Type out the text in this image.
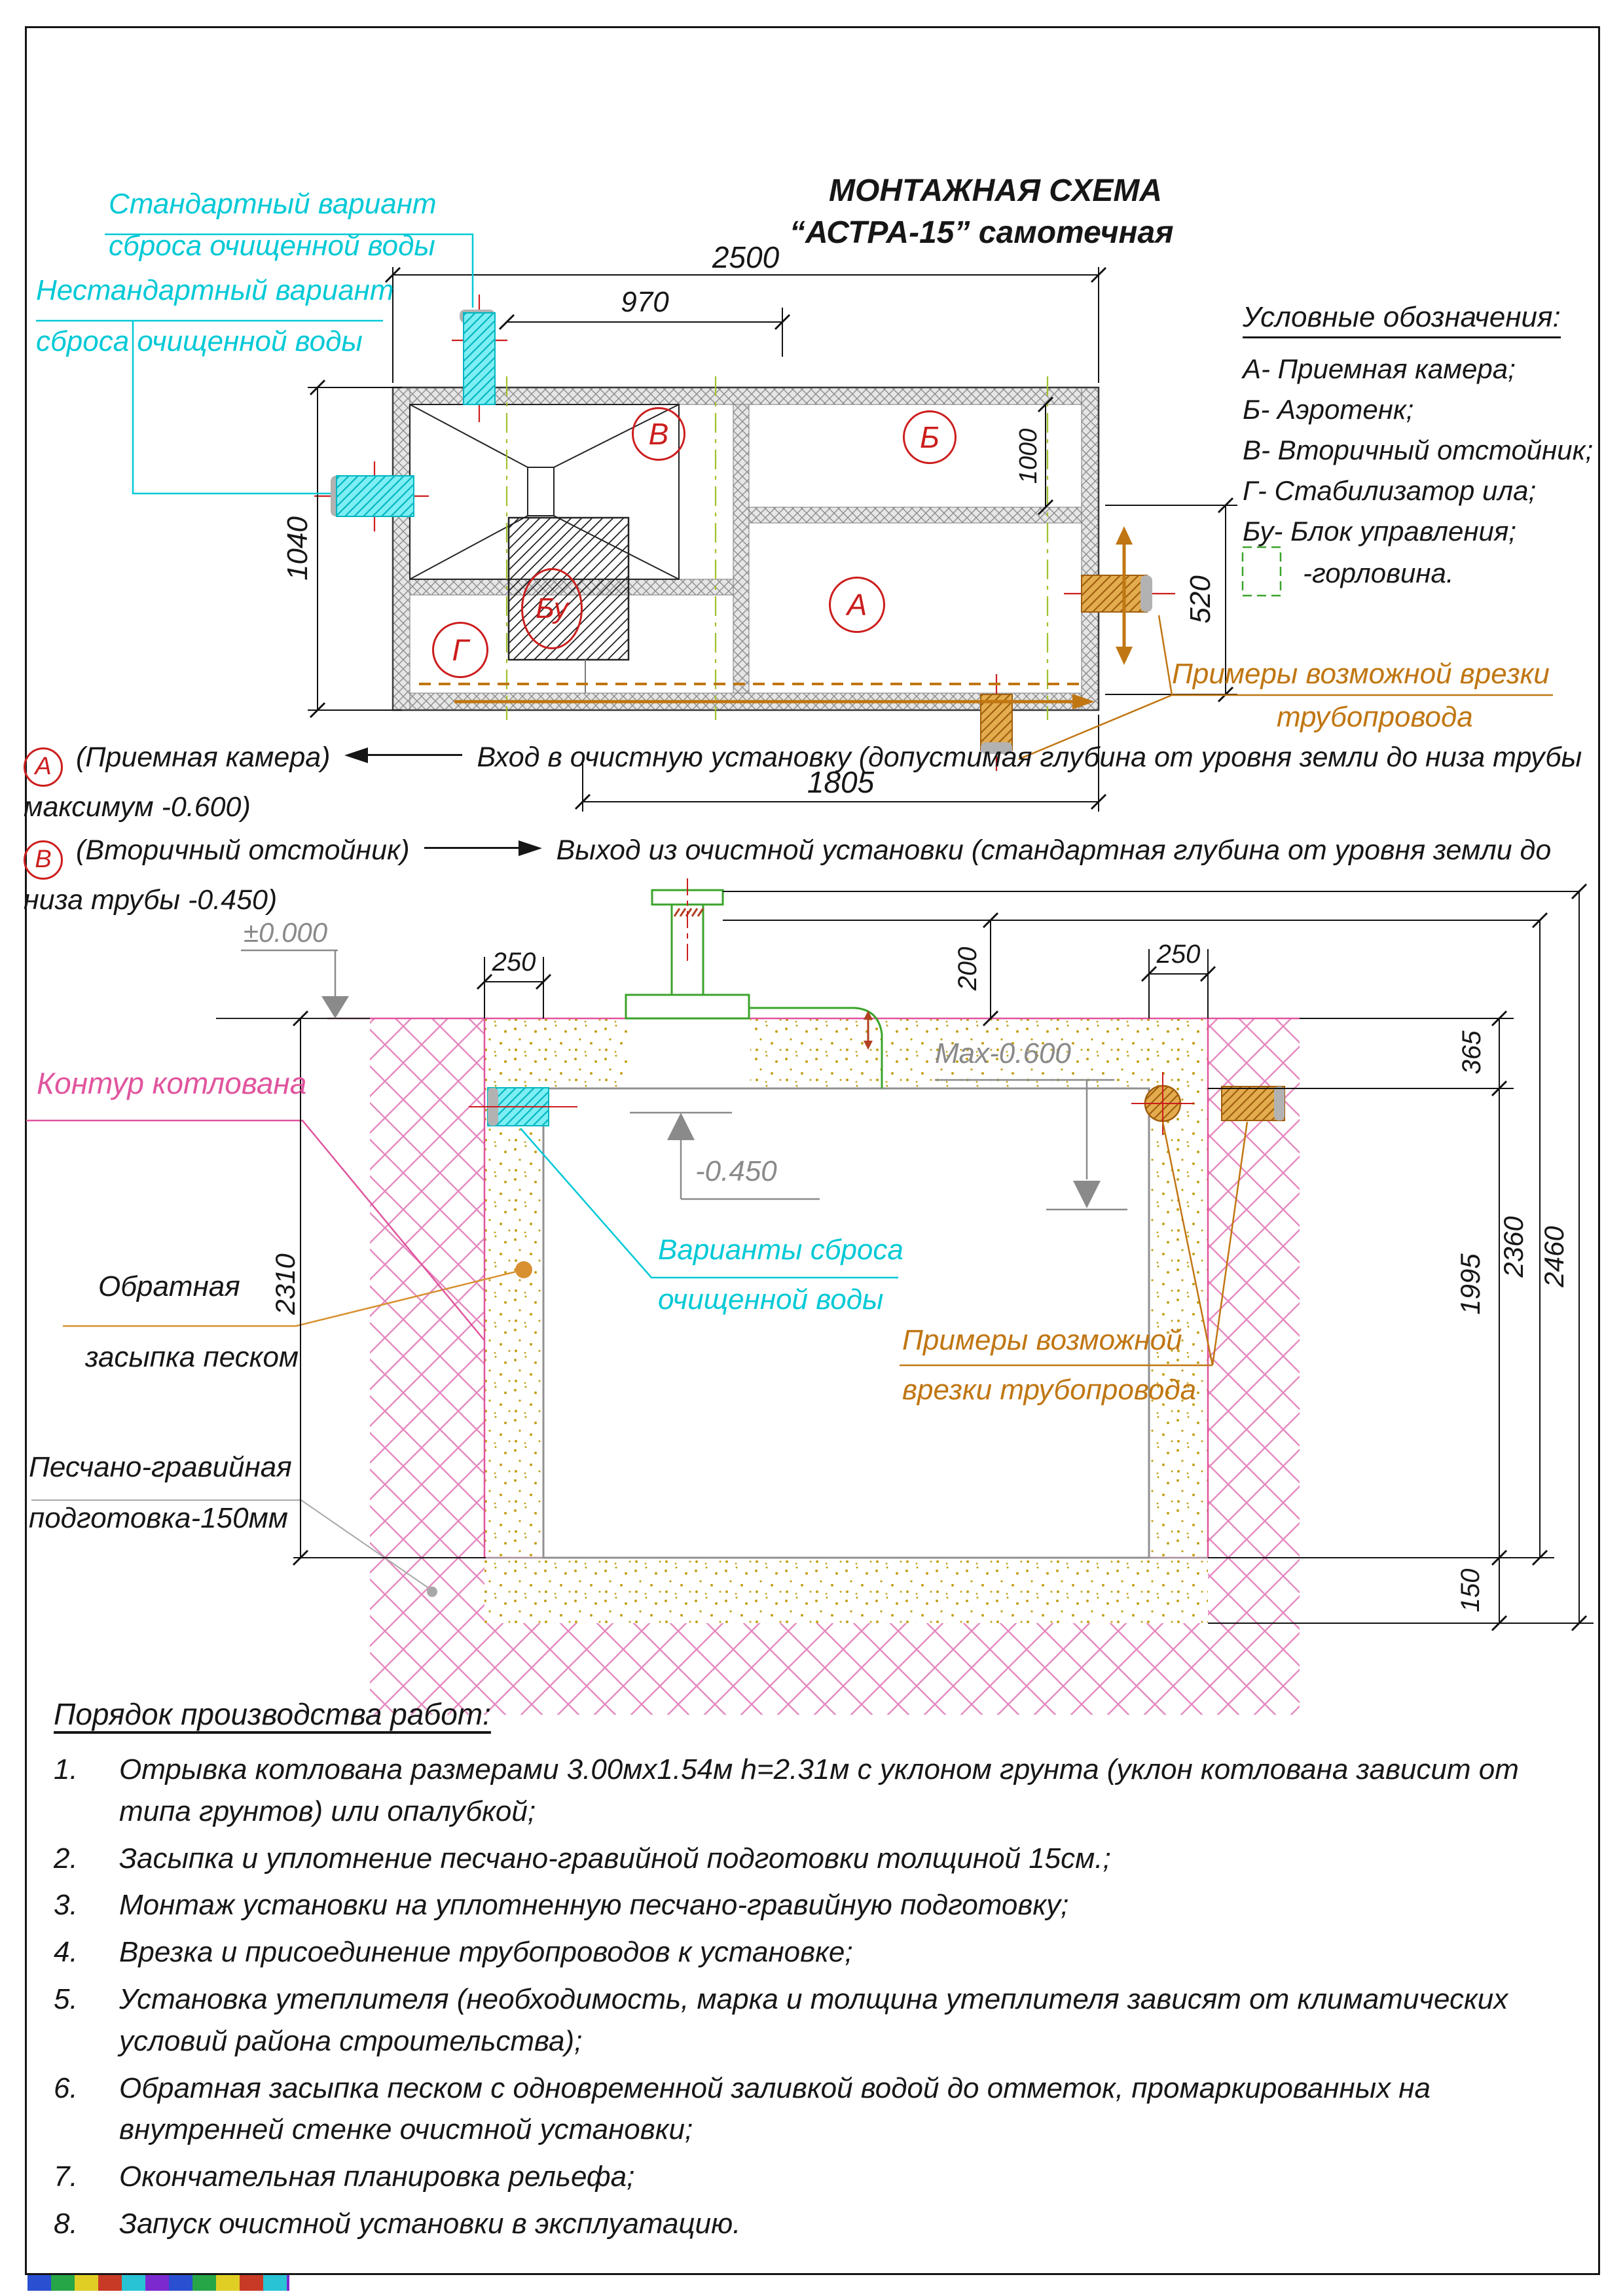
МОНТАЖНАЯ СХЕМА
“АСТРА-15” самотечная
Стандартный вариант
сброса очищенной воды
Нестандартный вариант
сброса очищенной воды
2500
970
1040
1000
520
1805
В	Б
А
Г
Бу
Условные обозначения:
А- Приемная камера;
Б- Аэротенк;
В- Вторичный отстойник;
Г- Стабилизатор ила;
Бу- Блок управления;
-горловина.
Примеры возможной врезки
трубопровода
А (Приемная камера)	Вход в очистную установку (допустимая глубина от уровня земли до низа трубы максимум -0.600)
В (Вторичный отстойник)	Выход из очистной установки (стандартная глубина от уровня земли до низа трубы -0.450)
±0.000
250	200	250
365
1995
2360 2460
150
2310
Контур котлована
Обратная
засыпка песком
-0.450
Варианты сброса
очищенной воды
Max-0.600
Примеры возможной
врезки трубопровода
Песчано-гравийная
подготовка-150мм
Порядок производства работ:
1.	Отрывка котлована размерами 3.00мх1.54м h=2.31м с уклоном грунта (уклон котлована зависит от типа грунтов) или опалубкой;
2.	Засыпка и уплотнение песчано-гравийной подготовки толщиной 15см.;
3.	Монтаж установки на уплотненную песчано-гравийную подготовку;
4.	Врезка и присоединение трубопроводов к установке;
5.	Установка утеплителя (необходимость, марка и толщина утеплителя зависят от климатических условий района строительства);
6.	Обратная засыпка песком с одновременной заливкой водой до отметок, промаркированных на внутренней стенке очистной установки;
7.	Окончательная планировка рельефа;
8.	Запуск очистной установки в эксплуатацию.
